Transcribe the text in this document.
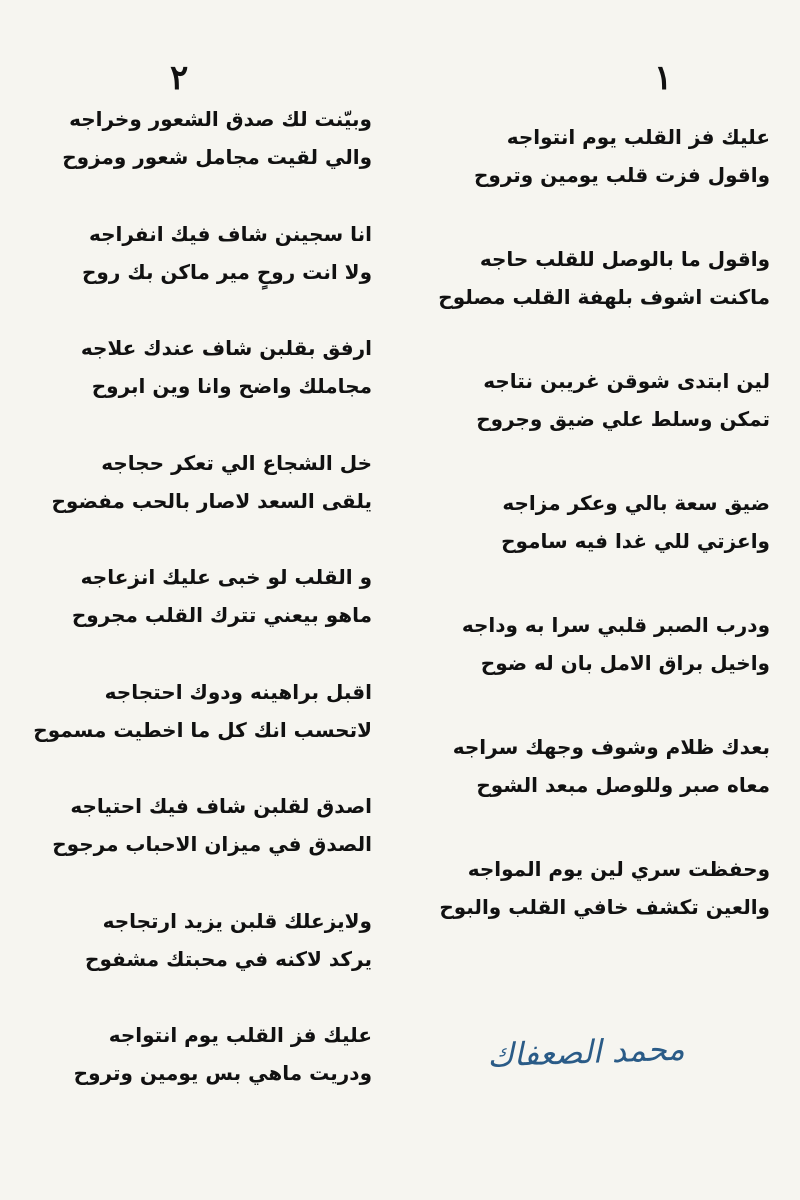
١
٢
عليك فز القلب يوم انتواجه
واقول فزت قلب يومين وتروح
واقول ما بالوصل للقلب حاجه
ماكنت اشوف بلهفة القلب مصلوح
لين ابتدى شوقن غريبن نتاجه
تمكن وسلط علي ضيق وجروح
ضيق سعة بالي وعكر مزاجه
واعزتي للي غدا فيه ساموح
ودرب الصبر قلبي سرا به وداجه
واخيل براق الامل بان له ضوح
بعدك ظلام وشوف وجهك سراجه
معاه صبر وللوصل مبعد الشوح
وحفظت سري لين يوم المواجه
والعين تكشف خافي القلب والبوح
وبيّنت لك صدق الشعور وخراجه
والي لقيت مجامل شعور ومزوح
انا سجينن شاف فيك انفراجه
ولا انت روحٍ مير ماكن بك روح
ارفق بقلبن شاف عندك علاجه
مجاملك واضح وانا وين ابروح
خل الشجاع الي تعكر حجاجه
يلقى السعد لاصار بالحب مفضوح
و القلب لو خبى عليك انزعاجه
ماهو بيعني تترك القلب مجروح
اقبل براهينه ودوك احتجاجه
لاتحسب انك كل ما اخطيت مسموح
اصدق لقلبن شاف فيك احتياجه
الصدق في ميزان الاحباب مرجوح
ولايزعلك قلبن يزيد ارتجاجه
يركد لاكنه في محبتك مشفوح
عليك فز القلب يوم انتواجه
ودريت ماهي بس يومين وتروح	محمد الصعفاك
